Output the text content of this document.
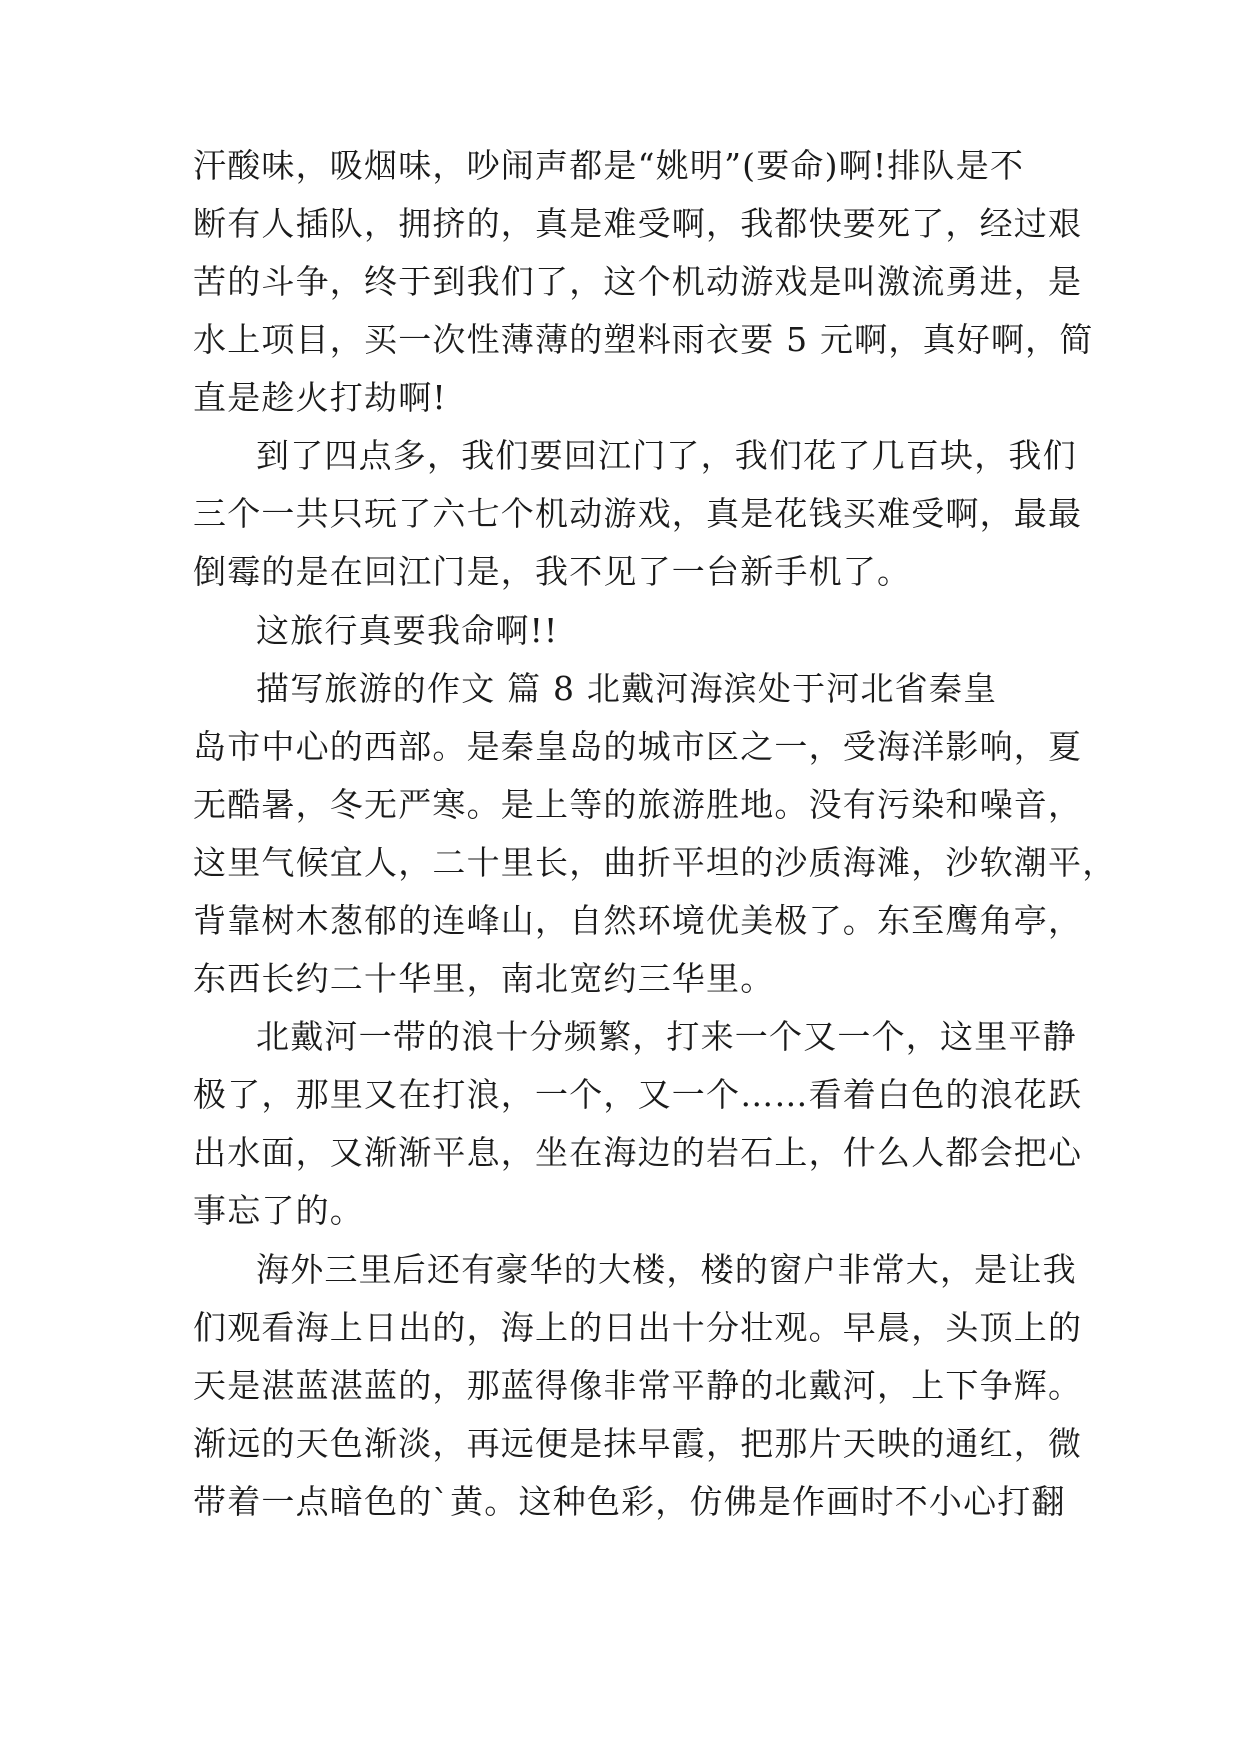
汗酸味，吸烟味，吵闹声都是“姚明”(要命)啊!排队是不
断有人插队，拥挤的，真是难受啊，我都快要死了，经过艰
苦的斗争，终于到我们了，这个机动游戏是叫激流勇进，是
水上项目，买一次性薄薄的塑料雨衣要 5 元啊，真好啊，简
直是趁火打劫啊!
到了四点多，我们要回江门了，我们花了几百块，我们
三个一共只玩了六七个机动游戏，真是花钱买难受啊，最最
倒霉的是在回江门是，我不见了一台新手机了。
这旅行真要我命啊!!
描写旅游的作文 篇 8 北戴河海滨处于河北省秦皇
岛市中心的西部。是秦皇岛的城市区之一，受海洋影响，夏
无酷暑，冬无严寒。是上等的旅游胜地。没有污染和噪音，
这里气候宜人，二十里长，曲折平坦的沙质海滩，沙软潮平，
背靠树木葱郁的连峰山，自然环境优美极了。东至鹰角亭，
东西长约二十华里，南北宽约三华里。
北戴河一带的浪十分频繁，打来一个又一个，这里平静
极了，那里又在打浪，一个，又一个……看着白色的浪花跃
出水面，又渐渐平息，坐在海边的岩石上，什么人都会把心
事忘了的。
海外三里后还有豪华的大楼，楼的窗户非常大，是让我
们观看海上日出的，海上的日出十分壮观。早晨，头顶上的
天是湛蓝湛蓝的，那蓝得像非常平静的北戴河，上下争辉。
渐远的天色渐淡，再远便是抹早霞，把那片天映的通红，微
带着一点暗色的`黄。这种色彩，仿佛是作画时不小心打翻
